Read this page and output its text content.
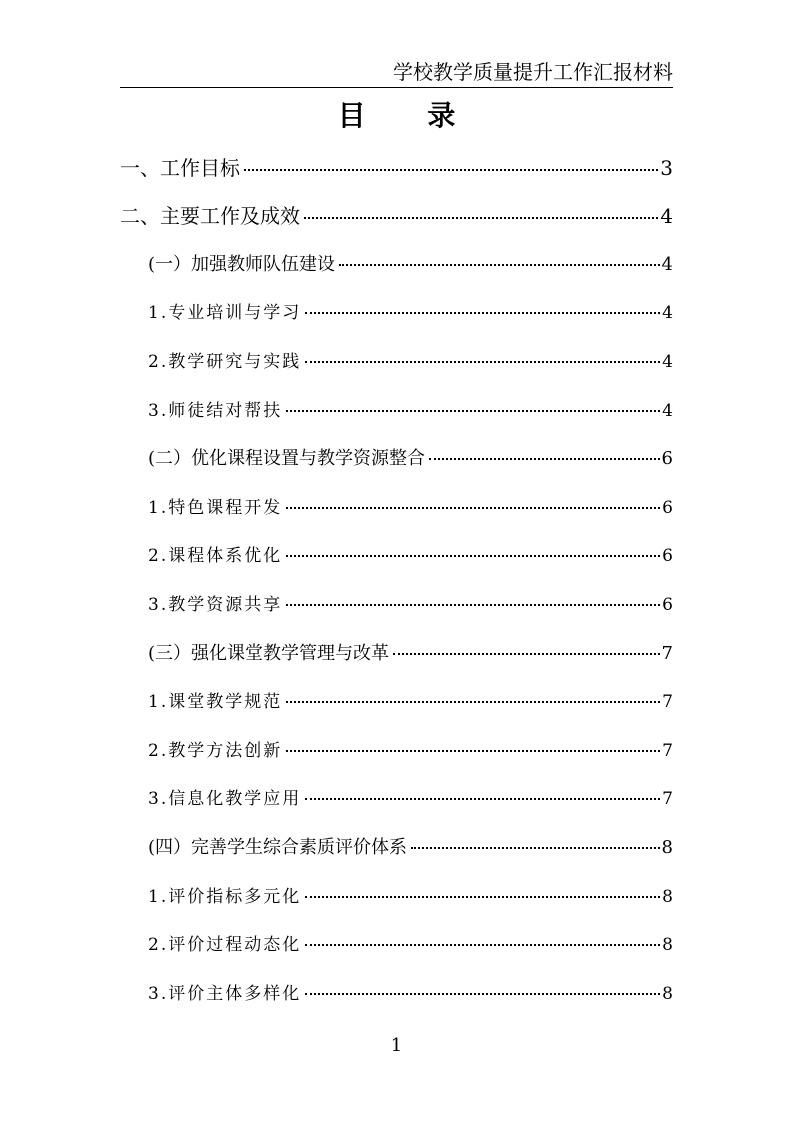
学校教学质量提升工作汇报材料
目 录
一、工作目标	3
二、主要工作及成效	4
(一）加强教师队伍建设	4
1.专业培训与学习	4
2.教学研究与实践	4
3.师徒结对帮扶	4
(二）优化课程设置与教学资源整合	6
1.特色课程开发	6
2.课程体系优化	6
3.教学资源共享	6
(三）强化课堂教学管理与改革	7
1.课堂教学规范	7
2.教学方法创新	7
3.信息化教学应用	7
(四）完善学生综合素质评价体系	8
1.评价指标多元化	8
2.评价过程动态化	8
3.评价主体多样化	8
1
